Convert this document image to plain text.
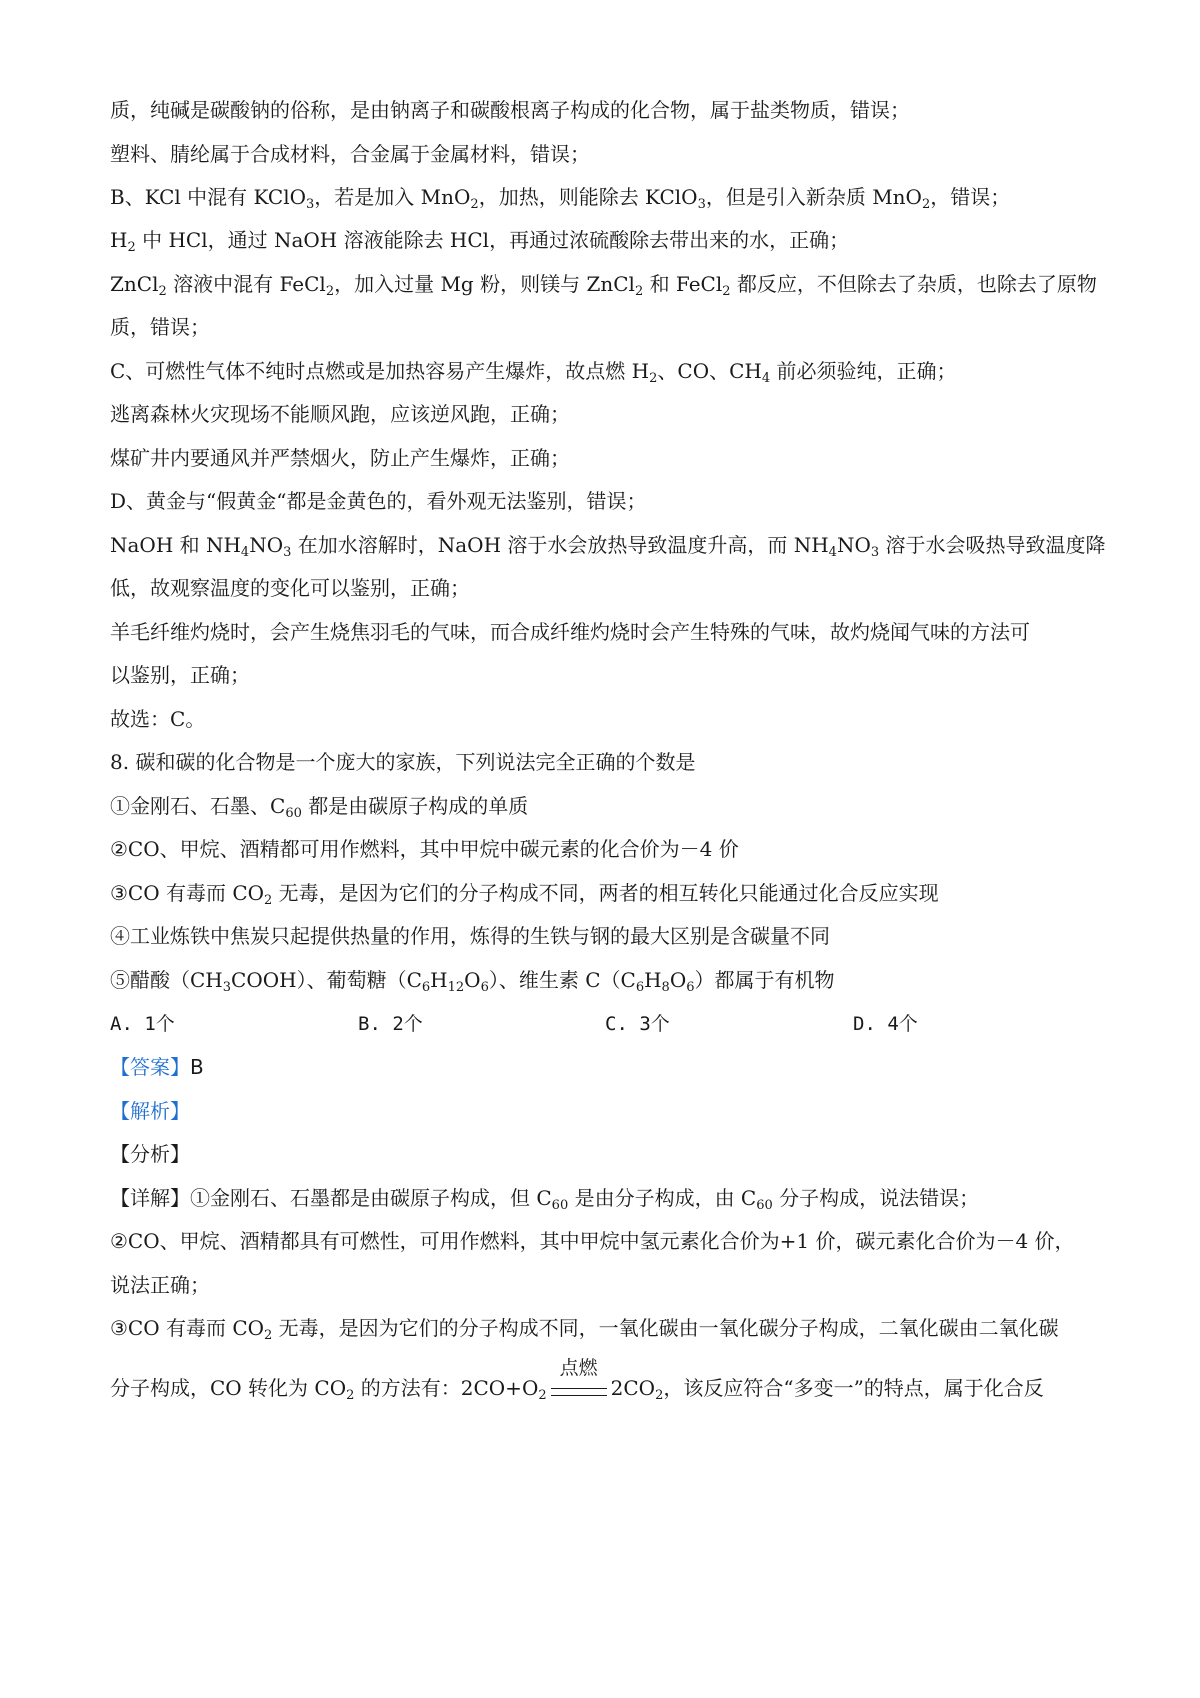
质，纯碱是碳酸钠的俗称，是由钠离子和碳酸根离子构成的化合物，属于盐类物质，错误；
塑料、腈纶属于合成材料，合金属于金属材料，错误；
B、KCl 中混有 KClO$_3$，若是加入 MnO$_2$，加热，则能除去 KClO$_3$，但是引入新杂质 MnO$_2$，错误；
$H_2$ 中 HCl，通过 NaOH 溶液能除去 HCl，再通过浓硫酸除去带出来的水，正确；
ZnCl$_2$ 溶液中混有 FeCl$_2$，加入过量 Mg 粉，则镁与 ZnCl$_2$ 和 FeCl$_2$ 都反应，不但除去了杂质，也除去了原物
质，错误；
C、可燃性气体不纯时点燃或是加热容易产生爆炸，故点燃 $H_2$、CO、$CH_4$ 前必须验纯，正确；
逃离森林火灾现场不能顺风跑，应该逆风跑，正确；
煤矿井内要通风并严禁烟火，防止产生爆炸，正确；
D、黄金与“假黄金“都是金黄色的，看外观无法鉴别，错误；
NaOH 和 $NH_4NO_3$ 在加水溶解时，NaOH 溶于水会放热导致温度升高，而 $NH_4NO_3$ 溶于水会吸热导致温度降
低，故观察温度的变化可以鉴别，正确；
羊毛纤维灼烧时，会产生烧焦羽毛的气味，而合成纤维灼烧时会产生特殊的气味，故灼烧闻气味的方法可
以鉴别，正确；
故选：C。
8. 碳和碳的化合物是一个庞大的家族，下列说法完全正确的个数是
①金刚石、石墨、$C_{60}$ 都是由碳原子构成的单质
②CO、甲烷、酒精都可用作燃料，其中甲烷中碳元素的化合价为－4 价
③CO 有毒而 $CO_2$ 无毒，是因为它们的分子构成不同，两者的相互转化只能通过化合反应实现
④工业炼铁中焦炭只起提供热量的作用，炼得的生铁与钢的最大区别是含碳量不同
⑤醋酸$(CH_3COOH)$、葡萄糖$(C_6H_{12}O_6)$、维生素 $C(C_6H_8O_6)$都属于有机物
A. 1个	B. 2个	C. 3个	D. 4个
【答案】B
【解析】
【分析】
【详解】①金刚石、石墨都是由碳原子构成，但 $C_{60}$ 是由分子构成，由 $C_{60}$ 分子构成，说法错误；
②CO、甲烷、酒精都具有可燃性，可用作燃料，其中甲烷中氢元素化合价为+1 价，碳元素化合价为－4 价，
说法正确；
③CO 有毒而 $CO_2$ 无毒，是因为它们的分子构成不同，一氧化碳由一氧化碳分子构成，二氧化碳由二氧化碳
分子构成，CO 转化为 $CO_2$ 的方法有：$2CO+O_2$
点燃
$2CO_2$，该反应符合“多变一”的特点，属于化合反
